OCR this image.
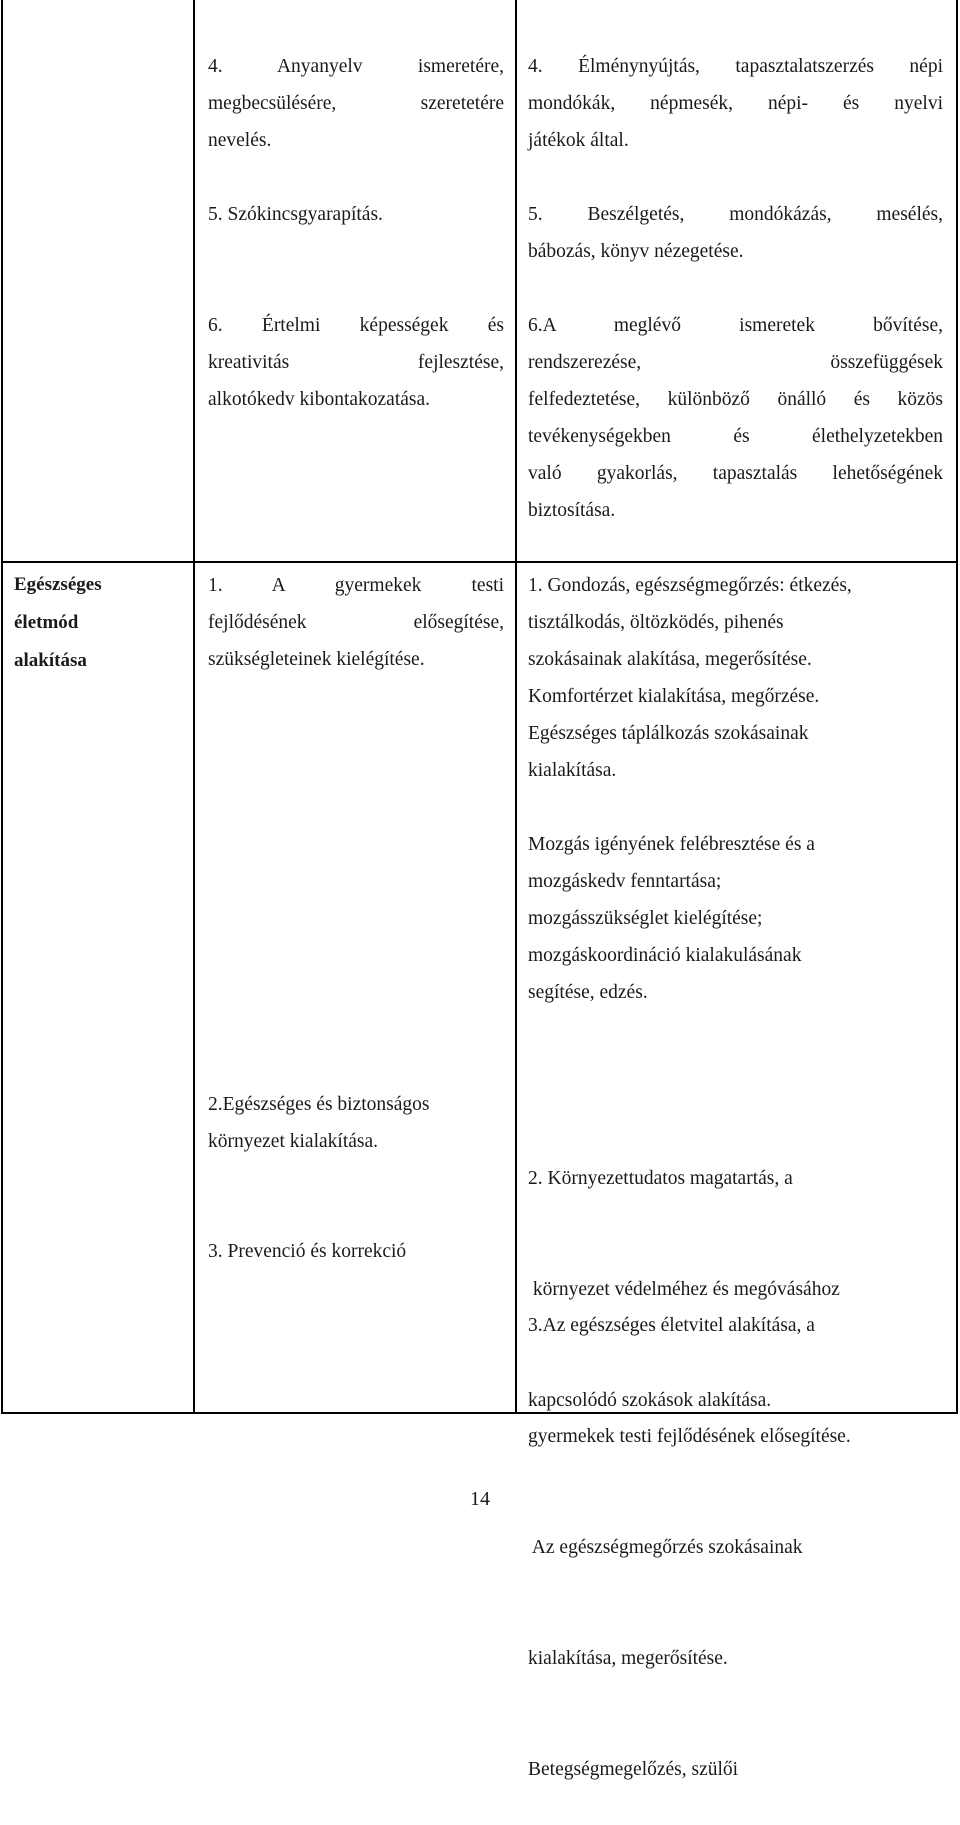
4. Anyanyelv ismeretére,
megbecsülésére, szeretetére
nevelés.

4. Élménynyújtás, tapasztalatszerzés népi
mondókák, népmesék, népi- és nyelvi
játékok által.

5. Szókincsgyarapítás.	5. Beszélgetés, mondókázás, mesélés,
bábozás, könyv nézegetése.

6. Értelmi képességek és
kreativitás fejlesztése,
alkotókedv kibontakozatása.

6.A meglévő ismeretek bővítése,
rendszerezése, összefüggések
felfedeztetése, különböző önálló és közös
tevékenységekben és élethelyzetekben
való gyakorlás, tapasztalás lehetőségének
biztosítása.

Egészséges
életmód
alakítása

1. A gyermekek testi
fejlődésének elősegítése,
szükségleteinek kielégítése.

1. Gondozás, egészségmegőrzés: étkezés,
tisztálkodás, öltözködés, pihenés
szokásainak alakítása, megerősítése.
Komfortérzet kialakítása, megőrzése.
Egészséges táplálkozás szokásainak
kialakítása.

Mozgás igényének felébresztése és a
mozgáskedv fenntartása;
mozgásszükséglet kielégítése;
mozgáskoordináció kialakulásának
segítése, edzés.

2.Egészséges és biztonságos
környezet kialakítása.

2. Környezettudatos magatartás, a

környezet védelméhez és megóvásához

kapcsolódó szokások alakítása.

3. Prevenció és korrekció

3.Az egészséges életvitel alakítása, a

gyermekek testi fejlődésének elősegítése.

Az egészségmegőrzés szokásainak

kialakítása, megerősítése.

Betegségmegelőzés, szülői

14
